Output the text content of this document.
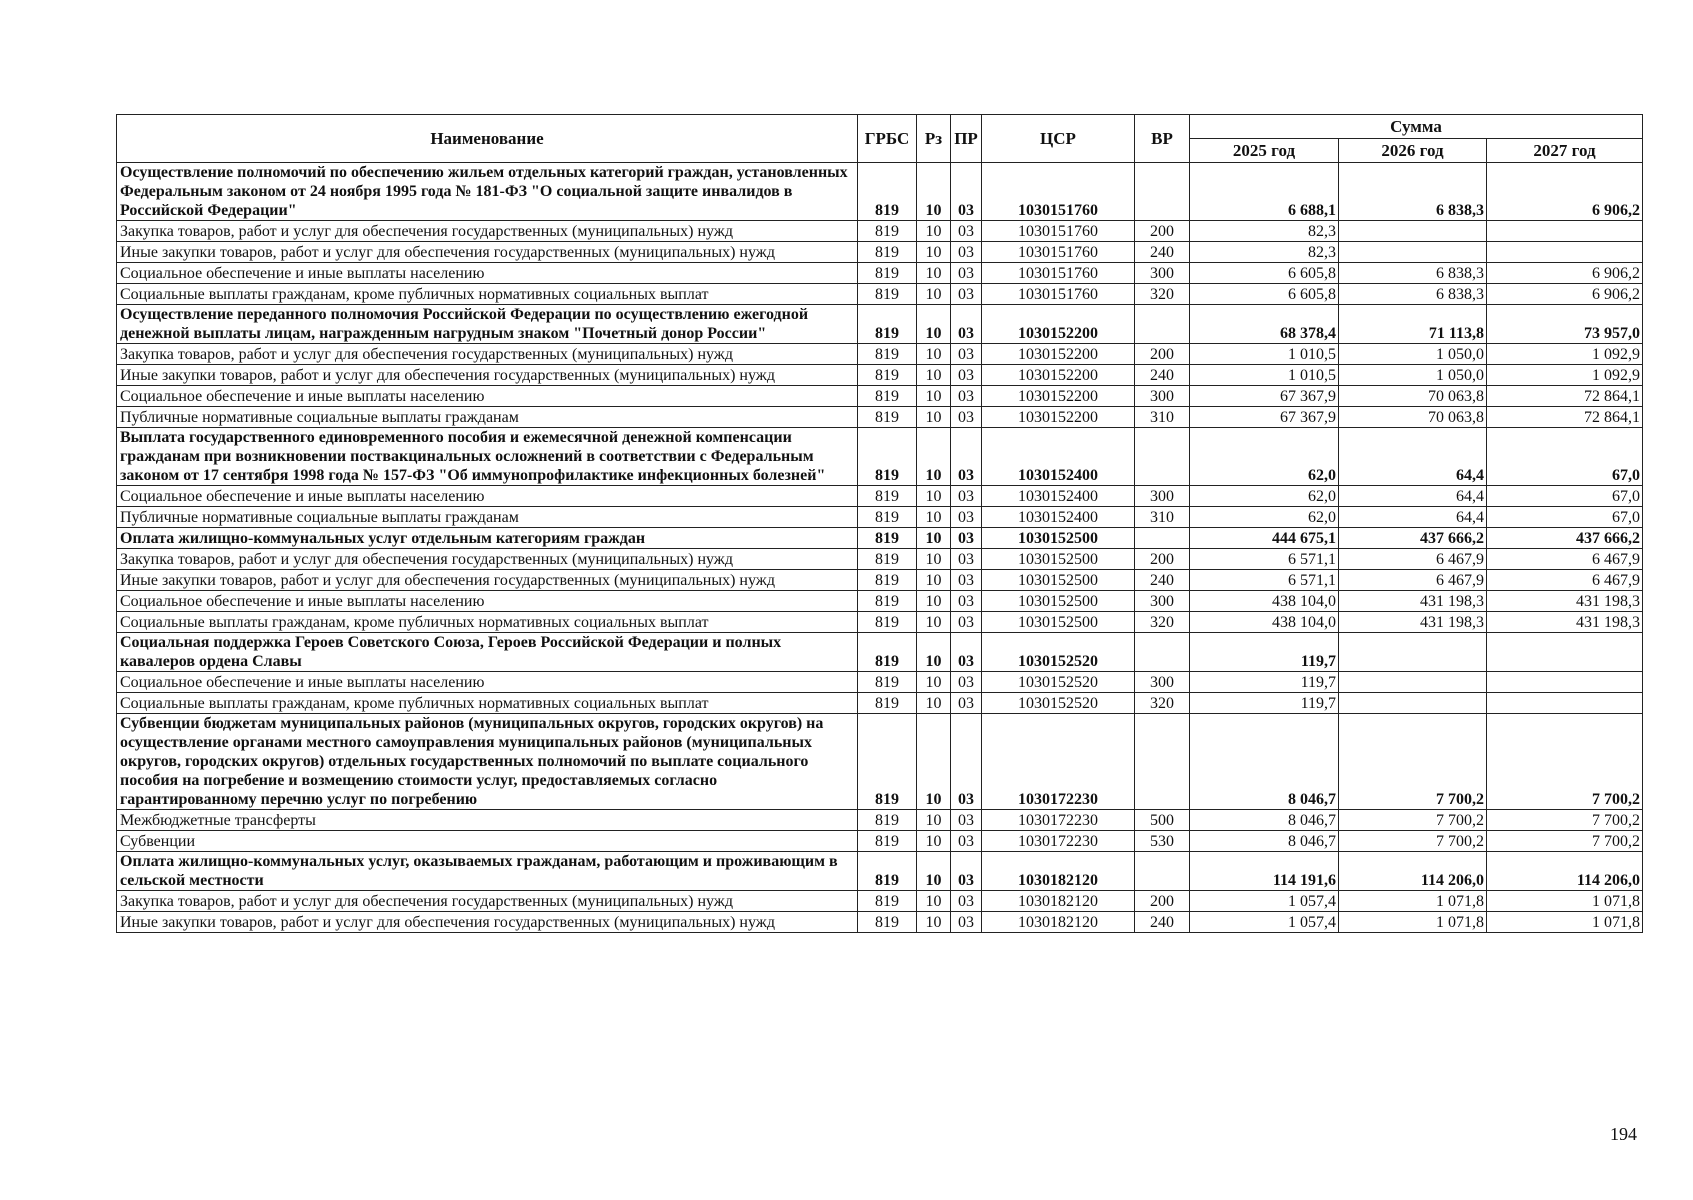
Наименование	ГРБС	Рз	ПР	ЦСР	ВР	Сумма		
						2025 год	2026 год	2027 год
Осуществление полномочий по обеспечению жильем отдельных категорий граждан, установленных Федеральным законом от 24 ноября 1995 года № 181-ФЗ "О социальной защите инвалидов в Российской Федерации"	819	10	03	1030151760		6 688,1	6 838,3	6 906,2
Закупка товаров, работ и услуг для обеспечения государственных (муниципальных) нужд	819	10	03	1030151760	200	82,3		
Иные закупки товаров, работ и услуг для обеспечения государственных (муниципальных) нужд	819	10	03	1030151760	240	82,3		
Социальное обеспечение и иные выплаты населению	819	10	03	1030151760	300	6 605,8	6 838,3	6 906,2
Социальные выплаты гражданам, кроме публичных нормативных социальных выплат	819	10	03	1030151760	320	6 605,8	6 838,3	6 906,2
Осуществление переданного полномочия Российской Федерации по осуществлению ежегодной денежной выплаты лицам, награжденным нагрудным знаком "Почетный донор России"	819	10	03	1030152200		68 378,4	71 113,8	73 957,0
Закупка товаров, работ и услуг для обеспечения государственных (муниципальных) нужд	819	10	03	1030152200	200	1 010,5	1 050,0	1 092,9
Иные закупки товаров, работ и услуг для обеспечения государственных (муниципальных) нужд	819	10	03	1030152200	240	1 010,5	1 050,0	1 092,9
Социальное обеспечение и иные выплаты населению	819	10	03	1030152200	300	67 367,9	70 063,8	72 864,1
Публичные нормативные социальные выплаты гражданам	819	10	03	1030152200	310	67 367,9	70 063,8	72 864,1
Выплата государственного единовременного пособия и ежемесячной денежной компенсации гражданам при возникновении поствакцинальных осложнений в соответствии с Федеральным законом от 17 сентября 1998 года № 157-ФЗ "Об иммунопрофилактике инфекционных болезней"	819	10	03	1030152400		62,0	64,4	67,0
Социальное обеспечение и иные выплаты населению	819	10	03	1030152400	300	62,0	64,4	67,0
Публичные нормативные социальные выплаты гражданам	819	10	03	1030152400	310	62,0	64,4	67,0
Оплата жилищно-коммунальных услуг отдельным категориям граждан	819	10	03	1030152500		444 675,1	437 666,2	437 666,2
Закупка товаров, работ и услуг для обеспечения государственных (муниципальных) нужд	819	10	03	1030152500	200	6 571,1	6 467,9	6 467,9
Иные закупки товаров, работ и услуг для обеспечения государственных (муниципальных) нужд	819	10	03	1030152500	240	6 571,1	6 467,9	6 467,9
Социальное обеспечение и иные выплаты населению	819	10	03	1030152500	300	438 104,0	431 198,3	431 198,3
Социальные выплаты гражданам, кроме публичных нормативных социальных выплат	819	10	03	1030152500	320	438 104,0	431 198,3	431 198,3
Социальная поддержка Героев Советского Союза, Героев Российской Федерации и полных кавалеров ордена Славы	819	10	03	1030152520		119,7		
Социальное обеспечение и иные выплаты населению	819	10	03	1030152520	300	119,7		
Социальные выплаты гражданам, кроме публичных нормативных социальных выплат	819	10	03	1030152520	320	119,7		
Субвенции бюджетам муниципальных районов (муниципальных округов, городских округов) на осуществление органами местного самоуправления муниципальных районов (муниципальных округов, городских округов) отдельных государственных полномочий по выплате социального пособия на погребение и возмещению стоимости услуг, предоставляемых согласно гарантированному перечню услуг по погребению	819	10	03	1030172230		8 046,7	7 700,2	7 700,2
Межбюджетные трансферты	819	10	03	1030172230	500	8 046,7	7 700,2	7 700,2
Субвенции	819	10	03	1030172230	530	8 046,7	7 700,2	7 700,2
Оплата жилищно-коммунальных услуг, оказываемых гражданам, работающим и проживающим в сельской местности	819	10	03	1030182120		114 191,6	114 206,0	114 206,0
Закупка товаров, работ и услуг для обеспечения государственных (муниципальных) нужд	819	10	03	1030182120	200	1 057,4	1 071,8	1 071,8
Иные закупки товаров, работ и услуг для обеспечения государственных (муниципальных) нужд	819	10	03	1030182120	240	1 057,4	1 071,8	1 071,8
194
